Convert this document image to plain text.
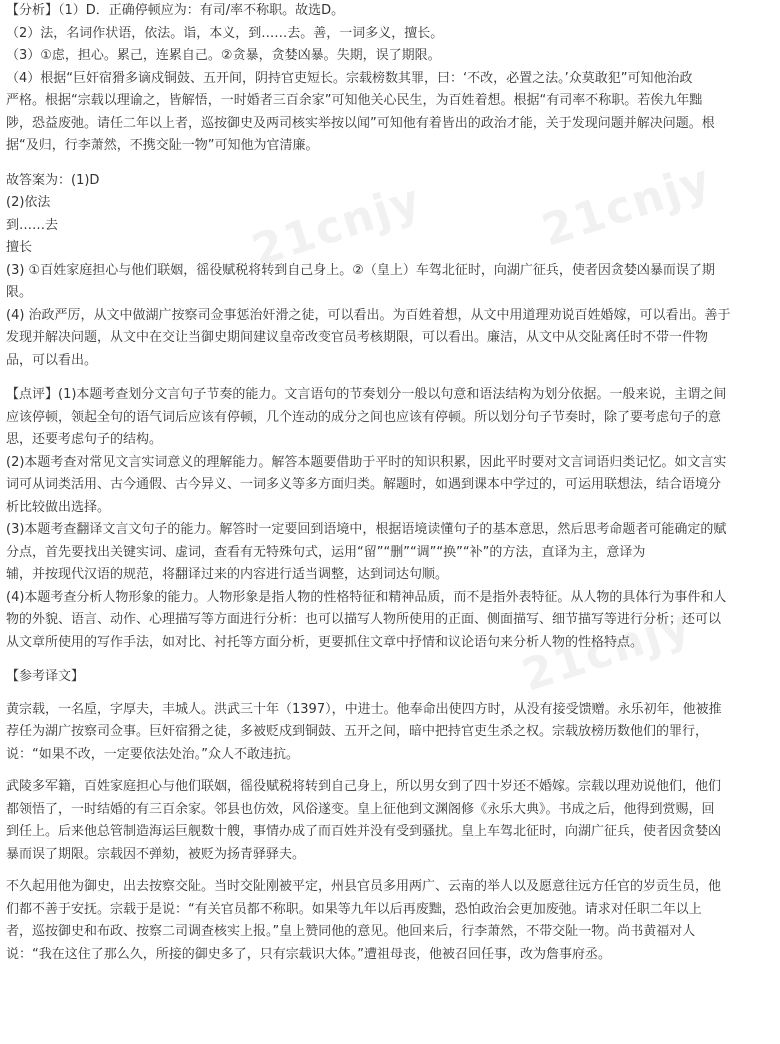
21cnjy 21cnjy
21cnjy

【分析】（1）D．正确停顿应为：有司/率不称职。故选D。

（2）法，名词作状语，依法。诣，本义，到……去。善，一词多义，擅长。

（3）①虑，担心。累己，连累自己。②贪暴，贪婪凶暴。失期，误了期限。

（4）根据“巨奸宿猾多谪戍铜鼓、五开间，阴持官吏短长。宗载榜数其罪，曰：‘不改，必置之法。’众莫敢犯”可知他治政

严格。根据“宗载以理谕之，皆解悟，一时婚者三百余家”可知他关心民生，为百姓着想。根据“有司率不称职。若俟九年黜

陟，恐益废弛。请任二年以上者，巡按御史及两司核实举按以闻”可知他有着皆出的政治才能，关于发现问题并解决问题。根

据“及归，行李萧然，不携交阯一物”可知他为官清廉。

故答案为：(1)D

(2)依法

到……去

擅长

(3) ①百姓家庭担心与他们联姻，徭役赋税将转到自己身上。②（皇上）车驾北征时，向湖广征兵，使者因贪婪凶暴而误了期

限。

(4) 治政严厉，从文中做湖广按察司佥事惩治奸滑之徒，可以看出。为百姓着想，从文中用道理劝说百姓婚嫁，可以看出。善于

发现并解决问题，从文中在交让当御史期间建议皇帝改变官员考核期限，可以看出。廉洁，从文中从交阯离任时不带一件物

品，可以看出。

【点评】(1)本题考查划分文言句子节奏的能力。文言语句的节奏划分一般以句意和语法结构为划分依据。一般来说，主谓之间

应该停顿，领起全句的语气词后应该有停顿，几个连动的成分之间也应该有停顿。所以划分句子节奏时，除了要考虑句子的意

思，还要考虑句子的结构。

(2)本题考查对常见文言实词意义的理解能力。解答本题要借助于平时的知识积累，因此平时要对文言词语归类记忆。如文言实

词可从词类活用、古今通假、古今异义、一词多义等多方面归类。解题时，如遇到课本中学过的，可运用联想法，结合语境分

析比较做出选择。

(3)本题考查翻译文言文句子的能力。解答时一定要回到语境中，根据语境读懂句子的基本意思，然后思考命题者可能确定的赋

分点，首先要找出关键实词、虚词，查看有无特殊句式，运用“留”“删”“调”“换”“补”的方法，直译为主，意译为

辅，并按现代汉语的规范，将翻译过来的内容进行适当调整，达到词达句顺。

(4)本题考查分析人物形象的能力。人物形象是指人物的性格特征和精神品质，而不是指外表特征。从人物的具体行为事件和人

物的外貌、语言、动作、心理描写等方面进行分析：也可以描写人物所使用的正面、侧面描写、细节描写等进行分析；还可以

从文章所使用的写作手法，如对比、衬托等方面分析，更要抓住文章中抒情和议论语句来分析人物的性格特点。

【参考译文】

黄宗载，一名垕，字厚夫，丰城人。洪武三十年（1397），中进士。他奉命出使四方时，从没有接受馈赠。永乐初年，他被推

荐任为湖广按察司佥事。巨奸宿猾之徒，多被贬戍到铜鼓、五开之间，暗中把持官吏生杀之权。宗载放榜历数他们的罪行，

说：“如果不改，一定要依法处治。”众人不敢违抗。

武陵多军籍，百姓家庭担心与他们联姻，徭役赋税将转到自己身上，所以男女到了四十岁还不婚嫁。宗载以理劝说他们，他们

都领悟了，一时结婚的有三百余家。邻县也仿效，风俗遂变。皇上征他到文渊阁修《永乐大典》。书成之后，他得到赏赐，回

到任上。后来他总管制造海运巨舰数十艘，事情办成了而百姓并没有受到骚扰。皇上车驾北征时，向湖广征兵，使者因贪婪凶

暴而误了期限。宗载因不弹劾，被贬为扬青驿驿夫。

不久起用他为御史，出去按察交阯。当时交阯刚被平定，州县官员多用两广、云南的举人以及愿意往远方任官的岁贡生员，他

们都不善于安抚。宗载于是说：“有关官员都不称职。如果等九年以后再废黜，恐怕政治会更加废弛。请求对任职二年以上

者，巡按御史和布政、按察二司调查核实上报。”皇上赞同他的意见。他回来后，行李萧然，不带交阯一物。尚书黄福对人

说：“我在这住了那么久，所接的御史多了，只有宗载识大体。”遭祖母丧，他被召回任事，改为詹事府丞。
